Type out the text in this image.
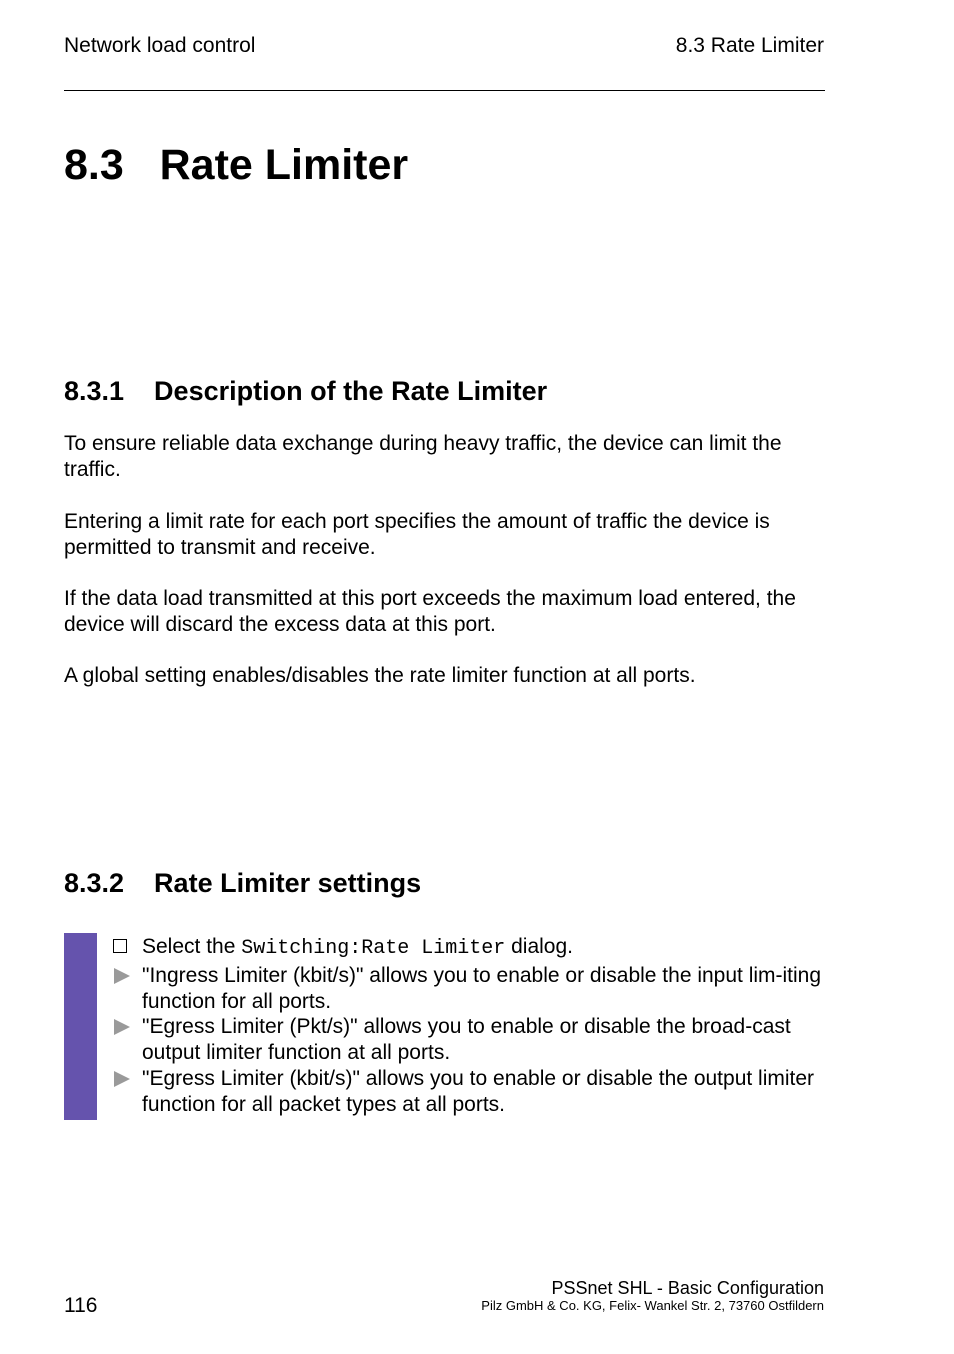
Network load control	8.3 Rate Limiter
8.3   Rate Limiter
8.3.1    Description of the Rate Limiter
To ensure reliable data exchange during heavy traffic, the device can limit the traffic.
Entering a limit rate for each port specifies the amount of traffic the device is permitted to transmit and receive.
If the data load transmitted at this port exceeds the maximum load entered, the device will discard the excess data at this port.
A global setting enables/disables the rate limiter function at all ports.
8.3.2    Rate Limiter settings
Select the Switching:Rate Limiter dialog.
"Ingress Limiter (kbit/s)" allows you to enable or disable the input lim-iting function for all ports.
"Egress Limiter (Pkt/s)" allows you to enable or disable the broad-cast output limiter function at all ports.
"Egress Limiter (kbit/s)" allows you to enable or disable the output limiter function for all packet types at all ports.
116
PSSnet SHL - Basic Configuration
Pilz GmbH & Co. KG, Felix- Wankel Str. 2, 73760 Ostfildern
